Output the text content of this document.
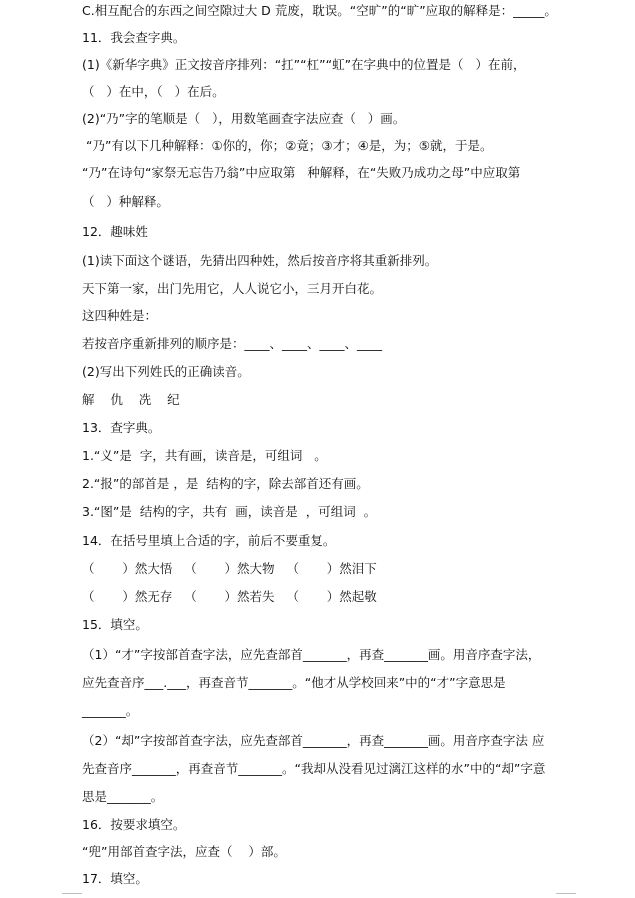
C.相互配合的东西之间空隙过大 D 荒废，耽误。“空旷”的“旷”应取的解释是：_____。
11．我会查字典。
(1)《新华字典》正文按音序排列：“扛”“杠”“虹”在字典中的位置是（   ）在前，
（   ）在中，（   ）在后。
(2)“乃”字的笔顺是（   ），用数笔画查字法应查（   ）画。
“乃”有以下几种解释：①你的，你；②竟；③才；④是，为；⑤就，于是。
“乃”在诗句“家祭无忘告乃翁”中应取第   种解释，在“失败乃成功之母”中应取第
（   ）种解释。
12．趣味姓
(1)读下面这个谜语，先猜出四种姓，然后按音序将其重新排列。
天下第一家，出门先用它，人人说它小，三月开白花。
这四种姓是：
若按音序重新排列的顺序是：____、____、____、____
(2)写出下列姓氏的正确读音。
解    仇    冼    纪
13．查字典。
1.“义”是  字，共有画，读音是，可组词   。
2.“报”的部首是 ，是  结构的字，除去部首还有画。
3.“图”是  结构的字，共有  画，读音是  ，可组词  。
14．在括号里填上合适的字，前后不要重复。
（       ）然大悟   （       ）然大物   （       ）然泪下
（       ）然无存   （       ）然若失   （       ）然起敬
15．填空。
（1）“才”字按部首查字法，应先查部首_______，再查_______画。用音序查字法，
应先查音序___.___，再查音节_______。“他才从学校回来”中的“才”字意思是
_______。
（2）“却”字按部首查字法，应先查部首_______，再查_______画。用音序查字法 应
先查音序_______，再查音节_______。“我却从没看见过漓江这样的水”中的“却”字意
思是_______。
16．按要求填空。
“兜”用部首查字法，应查（    ）部。
17．填空。
